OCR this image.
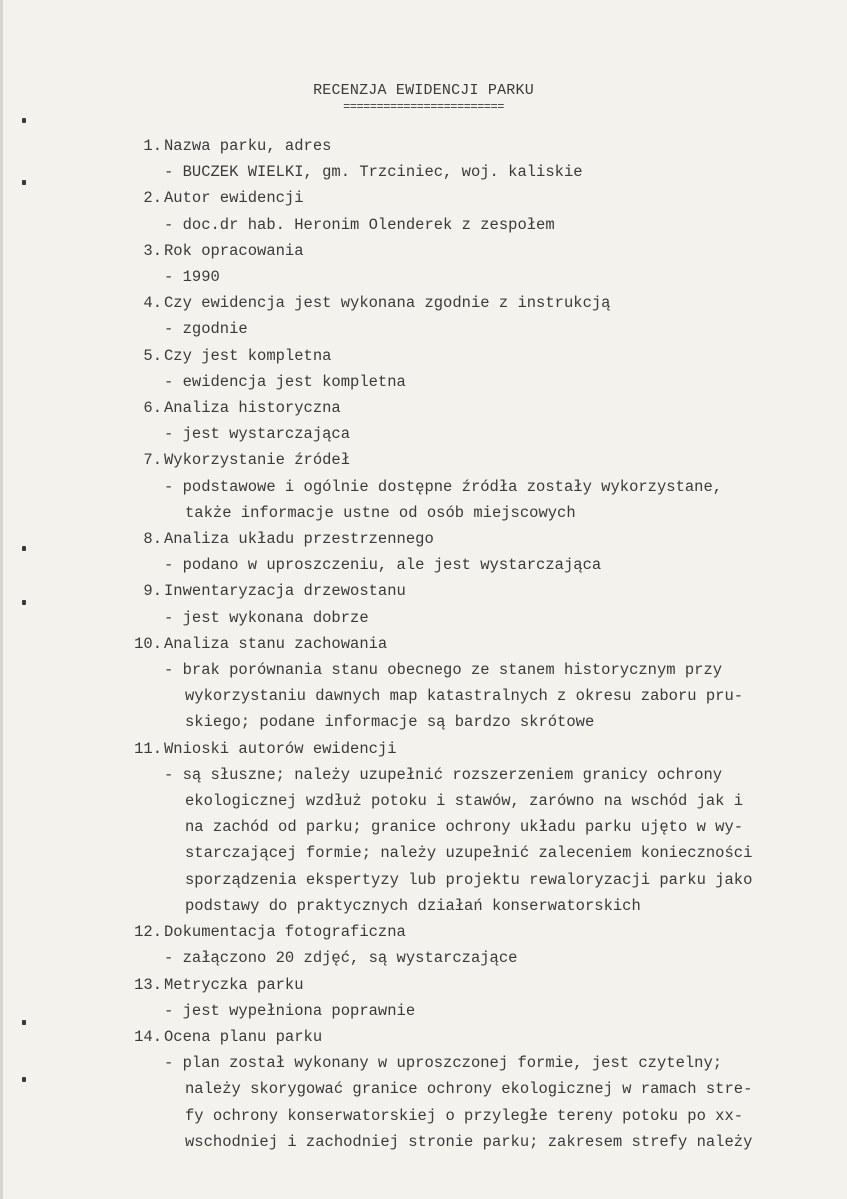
RECENZJA EWIDENCJI PARKU
========================
1. Nazwa parku, adres
- BUCZEK WIELKI, gm. Trzciniec, woj. kaliskie
2. Autor ewidencji
- doc.dr hab. Heronim Olenderek z zespołem
3. Rok opracowania
- 1990
4. Czy ewidencja jest wykonana zgodnie z instrukcją
- zgodnie
5. Czy jest kompletna
- ewidencja jest kompletna
6. Analiza historyczna
- jest wystarczająca
7. Wykorzystanie źródeł
- podstawowe i ogólnie dostępne źródła zostały wykorzystane,
także informacje ustne od osób miejscowych
8. Analiza układu przestrzennego
- podano w uproszczeniu, ale jest wystarczająca
9. Inwentaryzacja drzewostanu
- jest wykonana dobrze
10. Analiza stanu zachowania
- brak porównania stanu obecnego ze stanem historycznym przy
wykorzystaniu dawnych map katastralnych z okresu zaboru pru-
skiego; podane informacje są bardzo skrótowe
11. Wnioski autorów ewidencji
- są słuszne; należy uzupełnić rozszerzeniem granicy ochrony
ekologicznej wzdłuż potoku i stawów, zarówno na wschód jak i
na zachód od parku; granice ochrony układu parku ujęto w wy-
starczającej formie; należy uzupełnić zaleceniem konieczności
sporządzenia ekspertyzy lub projektu rewaloryzacji parku jako
podstawy do praktycznych działań konserwatorskich
12. Dokumentacja fotograficzna
- załączono 20 zdjęć, są wystarczające
13. Metryczka parku
- jest wypełniona poprawnie
14. Ocena planu parku
- plan został wykonany w uproszczonej formie, jest czytelny;
należy skorygować granice ochrony ekologicznej w ramach stre-
fy ochrony konserwatorskiej o przyległe tereny potoku po xx-
wschodniej i zachodniej stronie parku; zakresem strefy należy
